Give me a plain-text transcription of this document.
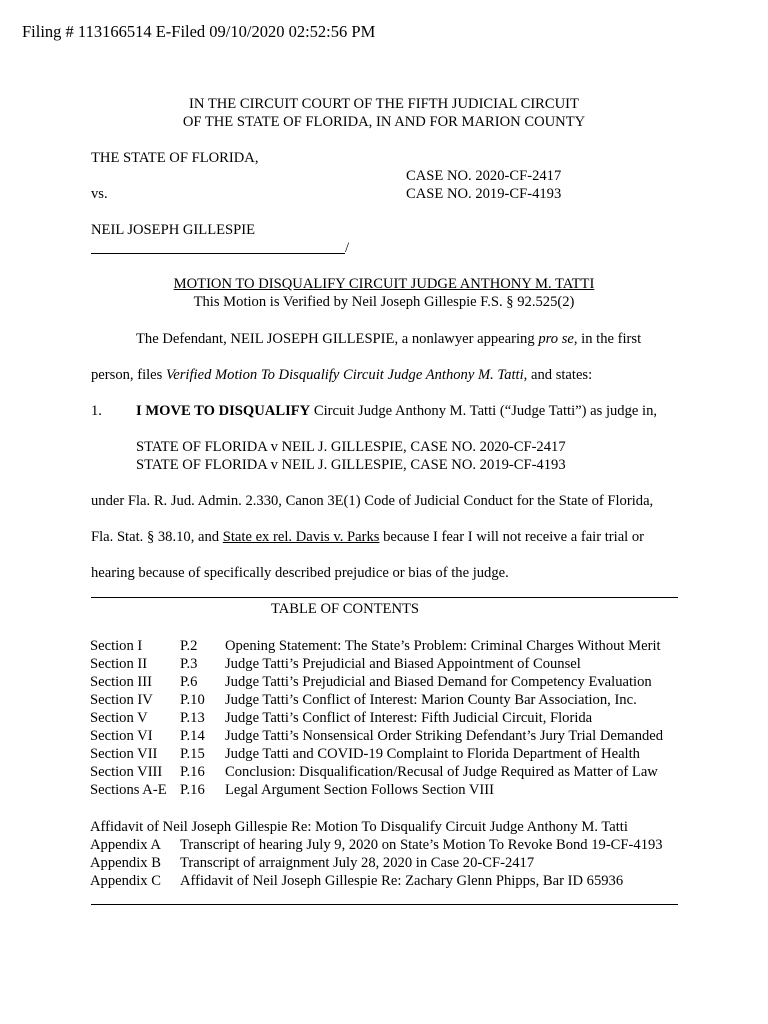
Filing # 113166514 E-Filed 09/10/2020 02:52:56 PM
IN THE CIRCUIT COURT OF THE FIFTH JUDICIAL CIRCUIT
OF THE STATE OF FLORIDA, IN AND FOR MARION COUNTY
THE STATE OF FLORIDA,
CASE NO. 2020-CF-2417
vs.	CASE NO. 2019-CF-4193
NEIL JOSEPH GILLESPIE
/
MOTION TO DISQUALIFY CIRCUIT JUDGE ANTHONY M. TATTI
This Motion is Verified by Neil Joseph Gillespie F.S. § 92.525(2)
The Defendant, NEIL JOSEPH GILLESPIE, a nonlawyer appearing pro se, in the first
person, files Verified Motion To Disqualify Circuit Judge Anthony M. Tatti, and states:
1. I MOVE TO DISQUALIFY Circuit Judge Anthony M. Tatti (“Judge Tatti”) as judge in,
STATE OF FLORIDA v NEIL J. GILLESPIE, CASE NO. 2020-CF-2417
STATE OF FLORIDA v NEIL J. GILLESPIE, CASE NO. 2019-CF-4193
under Fla. R. Jud. Admin. 2.330, Canon 3E(1) Code of Judicial Conduct for the State of Florida,
Fla. Stat. § 38.10, and State ex rel. Davis v. Parks because I fear I will not receive a fair trial or
hearing because of specifically described prejudice or bias of the judge.
TABLE OF CONTENTS
Section I	P.2 Opening Statement: The State’s Problem: Criminal Charges Without Merit
Section II P.3 Judge Tatti’s Prejudicial and Biased Appointment of Counsel
Section III P.6 Judge Tatti’s Prejudicial and Biased Demand for Competency Evaluation
Section IV P.10 Judge Tatti’s Conflict of Interest: Marion County Bar Association, Inc.
Section V P.13 Judge Tatti’s Conflict of Interest: Fifth Judicial Circuit, Florida
Section VI P.14 Judge Tatti’s Nonsensical Order Striking Defendant’s Jury Trial Demanded
Section VII P.15 Judge Tatti and COVID-19 Complaint to Florida Department of Health
Section VIII P.16 Conclusion: Disqualification/Recusal of Judge Required as Matter of Law
Sections A-E P.16 Legal Argument Section Follows Section VIII
Affidavit of Neil Joseph Gillespie Re: Motion To Disqualify Circuit Judge Anthony M. Tatti
Appendix A Transcript of hearing July 9, 2020 on State’s Motion To Revoke Bond 19-CF-4193
Appendix B Transcript of arraignment July 28, 2020 in Case 20-CF-2417
Appendix C Affidavit of Neil Joseph Gillespie Re: Zachary Glenn Phipps, Bar ID 65936
